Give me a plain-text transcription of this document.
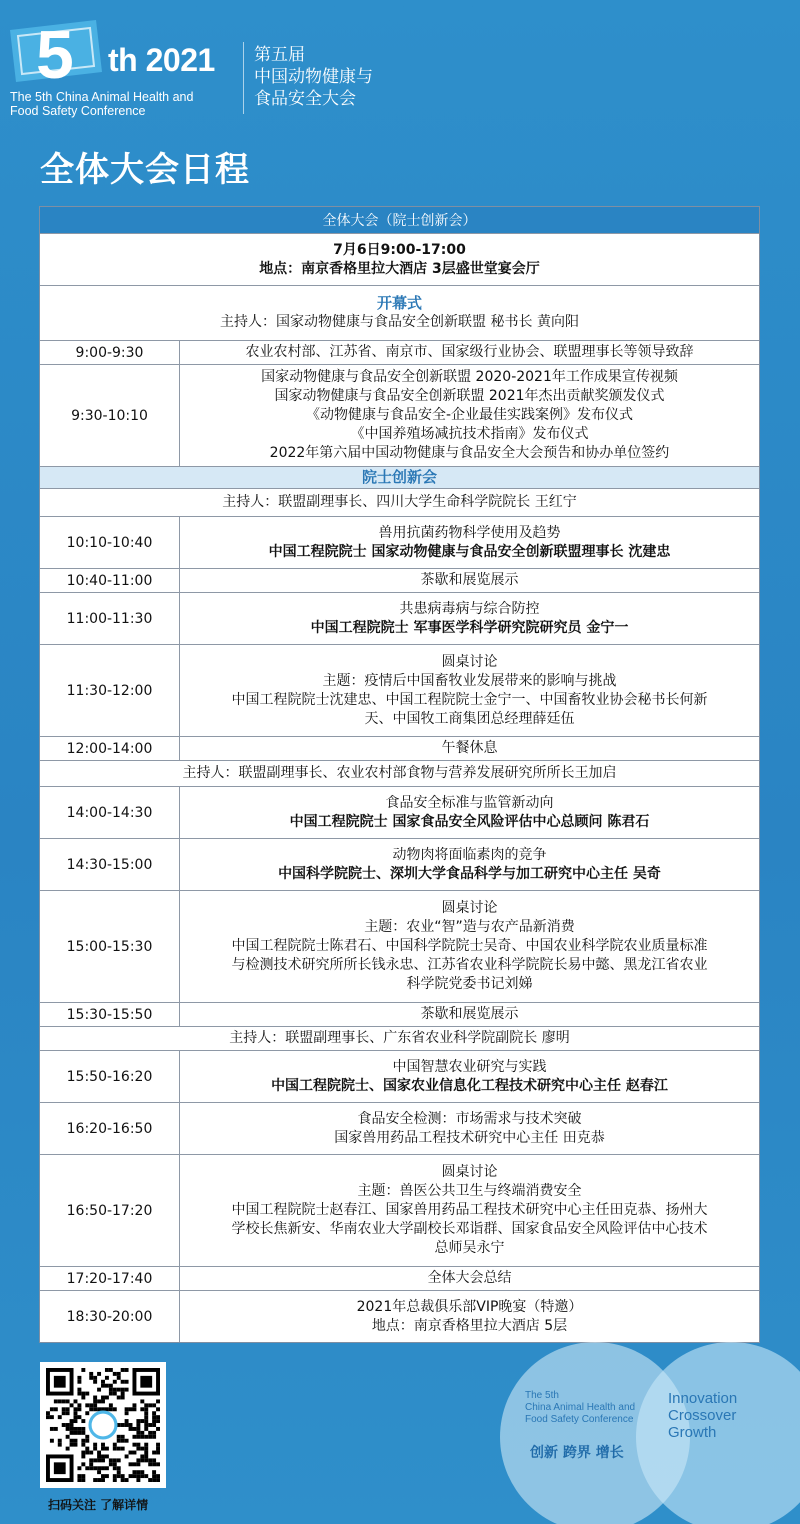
5 th 2021
The 5th China Animal Health and
Food Safety Conference
第五届
中国动物健康与
食品安全大会
全体大会日程
全体大会（院士创新会）
7月6日9:00-17:00
地点：南京香格里拉大酒店 3层盛世堂宴会厅
开幕式
主持人：国家动物健康与食品安全创新联盟 秘书长 黄向阳
9:00-9:30	农业农村部、江苏省、南京市、国家级行业协会、联盟理事长等领导致辞
9:30-10:10
国家动物健康与食品安全创新联盟 2020-2021年工作成果宣传视频
国家动物健康与食品安全创新联盟 2021年杰出贡献奖颁发仪式
《动物健康与食品安全-企业最佳实践案例》发布仪式
《中国养殖场减抗技术指南》发布仪式
2022年第六届中国动物健康与食品安全大会预告和协办单位签约
院士创新会
主持人：联盟副理事长、四川大学生命科学院院长 王红宁
10:10-10:40
兽用抗菌药物科学使用及趋势
中国工程院院士 国家动物健康与食品安全创新联盟理事长 沈建忠
10:40-11:00	茶歇和展览展示
11:00-11:30
共患病毒病与综合防控
中国工程院院士 军事医学科学研究院研究员 金宁一
11:30-12:00
圆桌讨论
主题：疫情后中国畜牧业发展带来的影响与挑战
中国工程院院士沈建忠、中国工程院院士金宁一、中国畜牧业协会秘书长何新
天、中国牧工商集团总经理薛廷伍
12:00-14:00	午餐休息
主持人：联盟副理事长、农业农村部食物与营养发展研究所所长王加启
14:00-14:30
食品安全标准与监管新动向
中国工程院院士 国家食品安全风险评估中心总顾问 陈君石
14:30-15:00
动物肉将面临素肉的竞争
中国科学院院士、深圳大学食品科学与加工研究中心主任 吴奇
15:00-15:30
圆桌讨论
主题：农业“智”造与农产品新消费
中国工程院院士陈君石、中国科学院院士吴奇、中国农业科学院农业质量标准
与检测技术研究所所长钱永忠、江苏省农业科学院院长易中懿、黑龙江省农业
科学院党委书记刘娣
15:30-15:50	茶歇和展览展示
主持人：联盟副理事长、广东省农业科学院副院长 廖明
15:50-16:20
中国智慧农业研究与实践
中国工程院院士、国家农业信息化工程技术研究中心主任 赵春江
16:20-16:50
食品安全检测：市场需求与技术突破
国家兽用药品工程技术研究中心主任 田克恭
16:50-17:20
圆桌讨论
主题：兽医公共卫生与终端消费安全
中国工程院院士赵春江、国家兽用药品工程技术研究中心主任田克恭、扬州大
学校长焦新安、华南农业大学副校长邓诣群、国家食品安全风险评估中心技术
总师吴永宁
17:20-17:40	全体大会总结
18:30-20:00
2021年总裁俱乐部VIP晚宴（特邀）
地点：南京香格里拉大酒店 5层
扫码关注 了解详情
The 5th
China Animal Health and
Food Safety Conference
创新 跨界 增长
Innovation
Crossover
Growth
